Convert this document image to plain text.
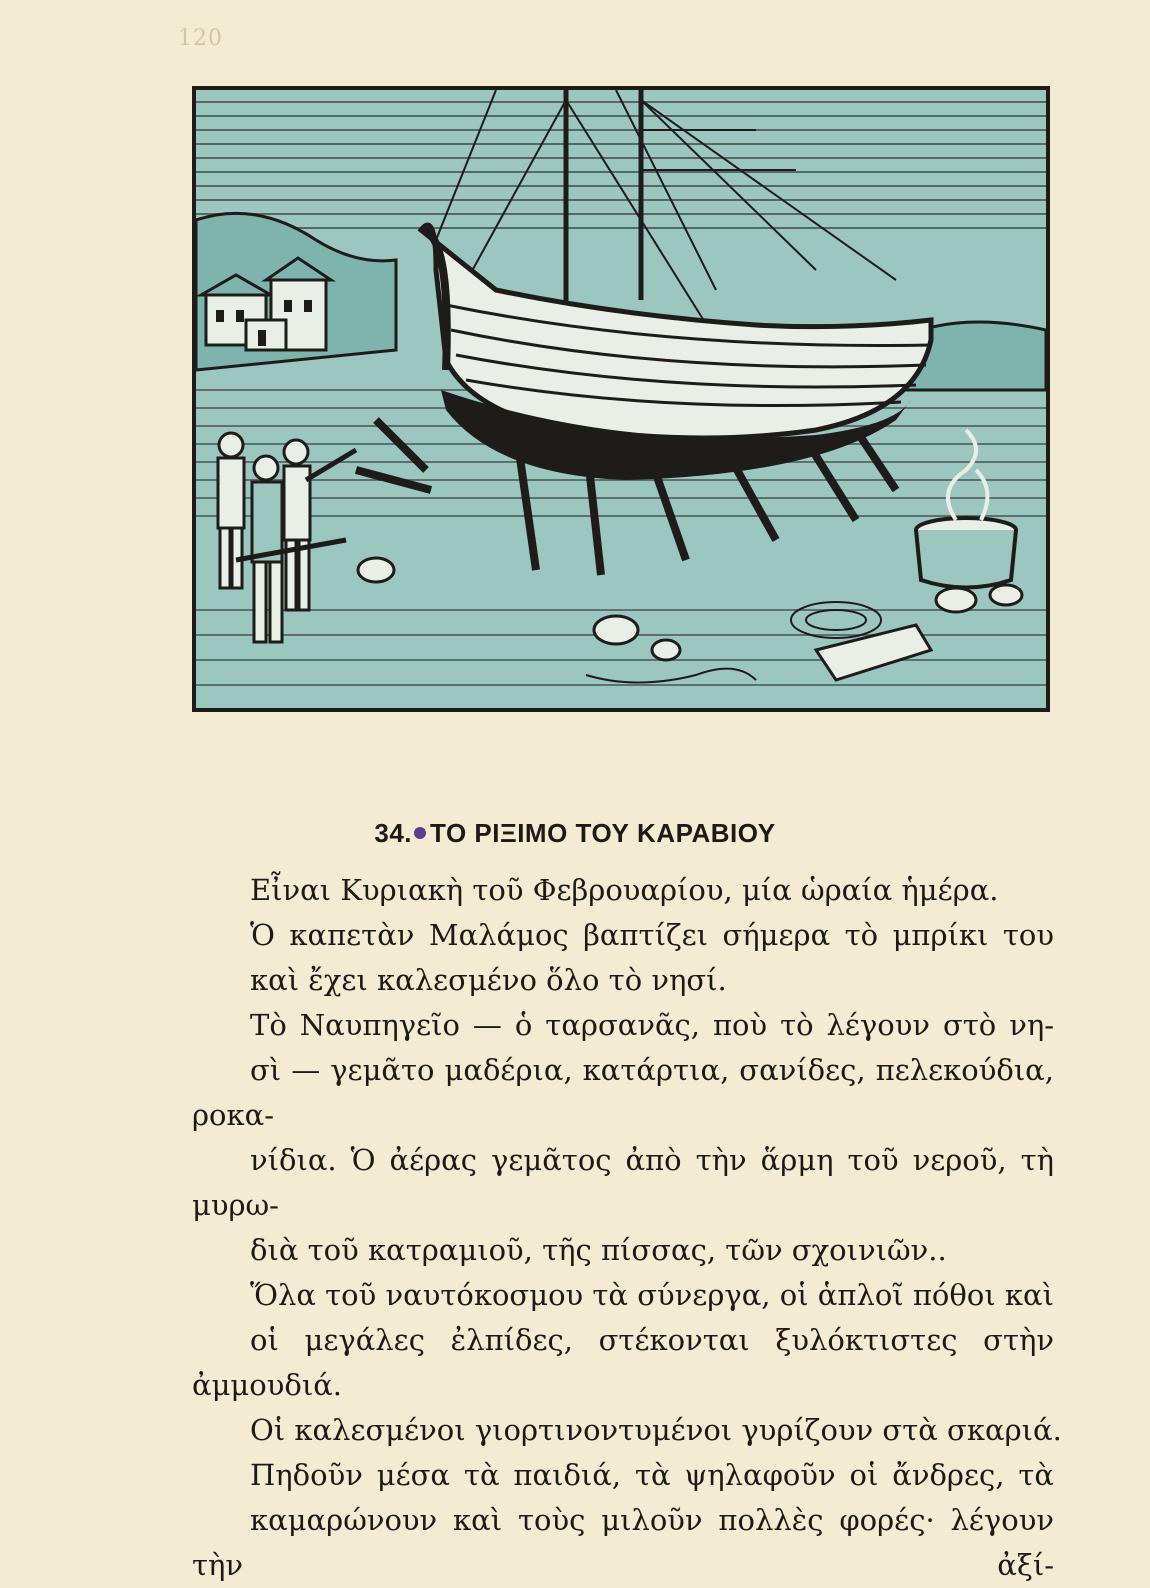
120
34. ΤΟ ΡΙΞΙΜΟ ΤΟΥ ΚΑΡΑΒΙΟΥ

Εἶναι Κυριακὴ τοῦ Φεβρουαρίου, μία ὡραία ἡμέρα.
Ὁ καπετὰν Μαλάμος βαπτίζει σήμερα τὸ μπρίκι του
καὶ ἔχει καλεσμένο ὅλο τὸ νησί.

Τὸ Ναυπηγεῖο — ὁ ταρσανᾶς, ποὺ τὸ λέγουν στὸ νη-
σὶ — γεμᾶτο μαδέρια, κατάρτια, σανίδες, πελεκούδια, ροκα-
νίδια. Ὁ ἀέρας γεμᾶτος ἀπὸ τὴν ἅρμη τοῦ νεροῦ, τὴ μυρω-
διὰ τοῦ κατραμιοῦ, τῆς πίσσας, τῶν σχοινιῶν..

Ὅλα τοῦ ναυτόκοσμου τὰ σύνεργα, οἱ ἁπλοῖ πόθοι καὶ
οἱ μεγάλες ἐλπίδες, στέκονται ξυλόκτιστες στὴν ἀμμουδιά.
Οἱ καλεσμένοι γιορτινοντυμένοι γυρίζουν στὰ σκαριά.

Πηδοῦν μέσα τὰ παιδιά, τὰ ψηλαφοῦν οἱ ἄνδρες, τὰ
καμαρώνουν καὶ τοὺς μιλοῦν πολλὲς φορές· λέγουν τὴν ἀξί-
